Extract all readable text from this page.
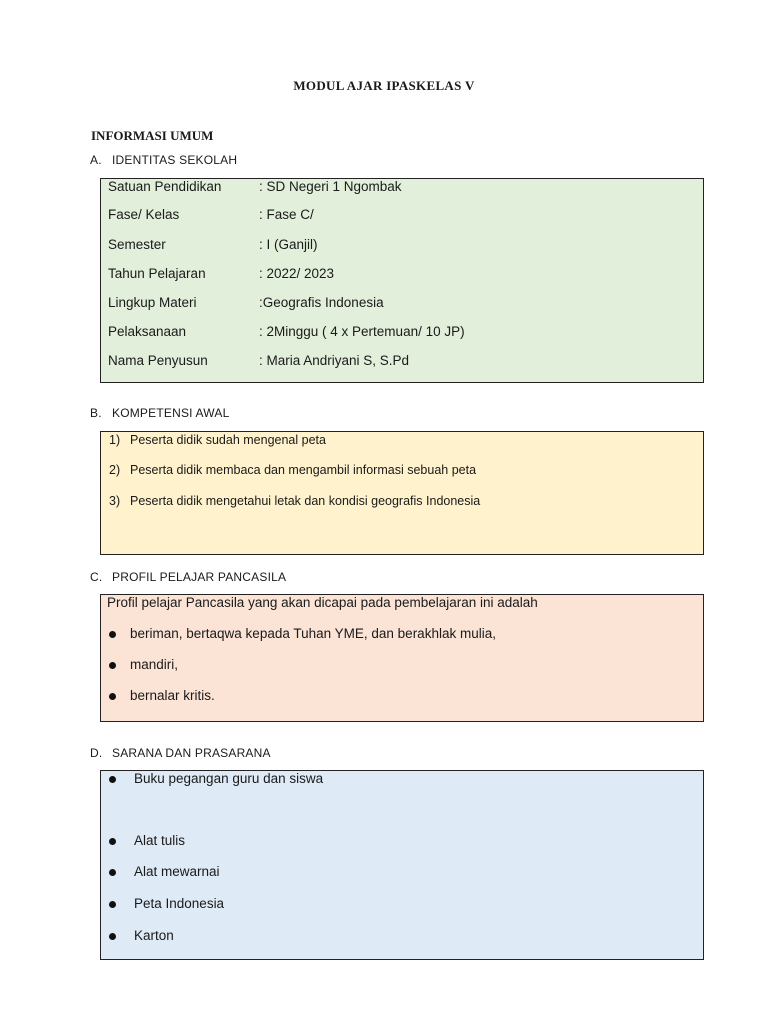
MODUL AJAR IPASKELAS V
INFORMASI UMUM
A. IDENTITAS SEKOLAH
Satuan Pendidikan	: SD Negeri 1 Ngombak
Fase/ Kelas	: Fase C/
Semester	: I (Ganjil)
Tahun Pelajaran	: 2022/ 2023
Lingkup Materi	:Geografis Indonesia
Pelaksanaan	: 2Minggu ( 4 x Pertemuan/ 10 JP)
Nama Penyusun	: Maria Andriyani S, S.Pd
B. KOMPETENSI AWAL
1) Peserta didik sudah mengenal peta
2) Peserta didik membaca dan mengambil informasi sebuah peta
3) Peserta didik mengetahui letak dan kondisi geografis Indonesia
C. PROFIL PELAJAR PANCASILA
Profil pelajar Pancasila yang akan dicapai pada pembelajaran ini adalah
beriman, bertaqwa kepada Tuhan YME, dan berakhlak mulia,
mandiri,
bernalar kritis.
D. SARANA DAN PRASARANA
Buku pegangan guru dan siswa
Alat tulis
Alat mewarnai
Peta Indonesia
Karton
